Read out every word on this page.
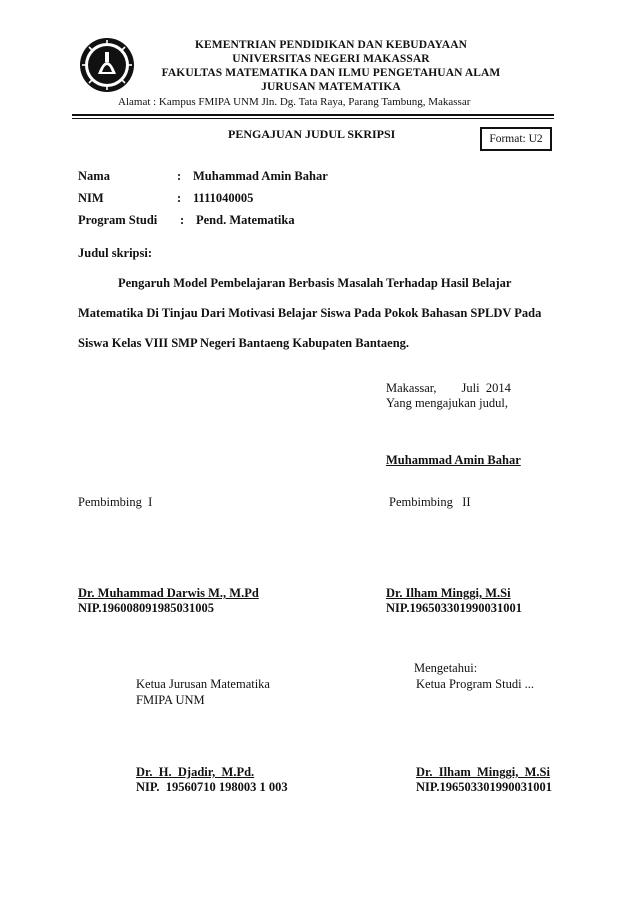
KEMENTRIAN PENDIDIKAN DAN KEBUDAYAAN
UNIVERSITAS NEGERI MAKASSAR
FAKULTAS MATEMATIKA DAN ILMU PENGETAHUAN ALAM
JURUSAN MATEMATIKA
Alamat : Kampus FMIPA UNM Jln. Dg. Tata Raya, Parang Tambung, Makassar
PENGAJUAN JUDUL SKRIPSI	Format: U2
Nama	: Muhammad Amin Bahar
NIM	: 1111040005
Program Studi : Pend. Matematika
Judul skripsi:
Pengaruh Model Pembelajaran Berbasis Masalah Terhadap Hasil Belajar
Matematika Di Tinjau Dari Motivasi Belajar Siswa Pada Pokok Bahasan SPLDV Pada
Siswa Kelas VIII SMP Negeri Bantaeng Kabupaten Bantaeng.
Makassar,        Juli  2014
Yang mengajukan judul,
Muhammad Amin Bahar
Pembimbing  I	Pembimbing   II
Dr. Muhammad Darwis M., M.Pd
NIP.196008091985031005
Dr. Ilham Minggi, M.Si
NIP.196503301990031001
Mengetahui:
Ketua Jurusan Matematika
FMIPA UNM
Ketua Program Studi ...
Dr.  H.  Djadir,  M.Pd.
NIP.  19560710 198003 1 003
Dr.  Ilham  Minggi,  M.Si
NIP.196503301990031001
